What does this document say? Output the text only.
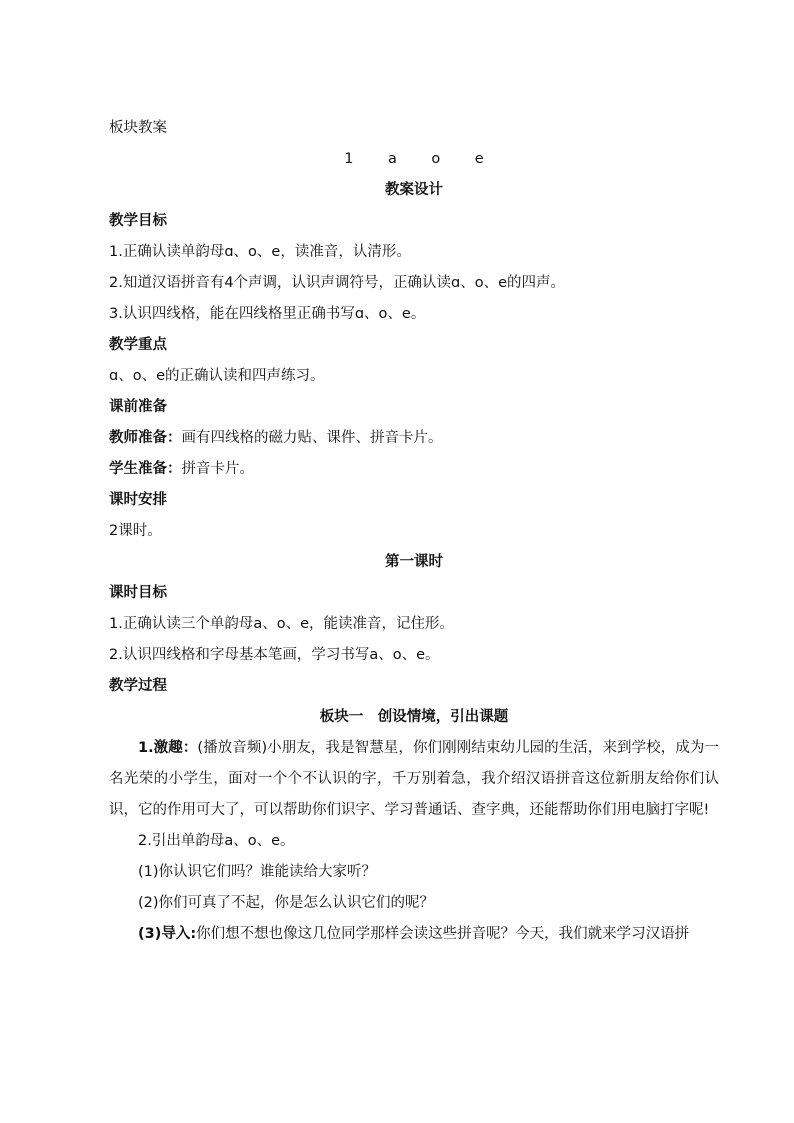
板块教案
1　a　o　e
教案设计
教学目标
1.正确认读单韵母ɑ、o、e，读准音，认清形。
2.知道汉语拼音有4个声调，认识声调符号，正确认读ɑ、o、e的四声。
3.认识四线格，能在四线格里正确书写ɑ、o、e。
教学重点
ɑ、o、e的正确认读和四声练习。
课前准备
教师准备：画有四线格的磁力贴、课件、拼音卡片。
学生准备：拼音卡片。
课时安排
2课时。
第一课时
课时目标
1.正确认读三个单韵母a、o、e，能读准音，记住形。
2.认识四线格和字母基本笔画，学习书写a、o、e。
教学过程
板块一　创设情境，引出课题
1.激趣：(播放音频)小朋友，我是智慧星，你们刚刚结束幼儿园的生活，来到学校，成为一名光荣的小学生，面对一个个不认识的字，千万别着急，我介绍汉语拼音这位新朋友给你们认识，它的作用可大了，可以帮助你们识字、学习普通话、查字典，还能帮助你们用电脑打字呢!
2.引出单韵母a、o、e。
(1)你认识它们吗？谁能读给大家听？
(2)你们可真了不起，你是怎么认识它们的呢？
(3)导入:你们想不想也像这几位同学那样会读这些拼音呢？今天，我们就来学习汉语拼
